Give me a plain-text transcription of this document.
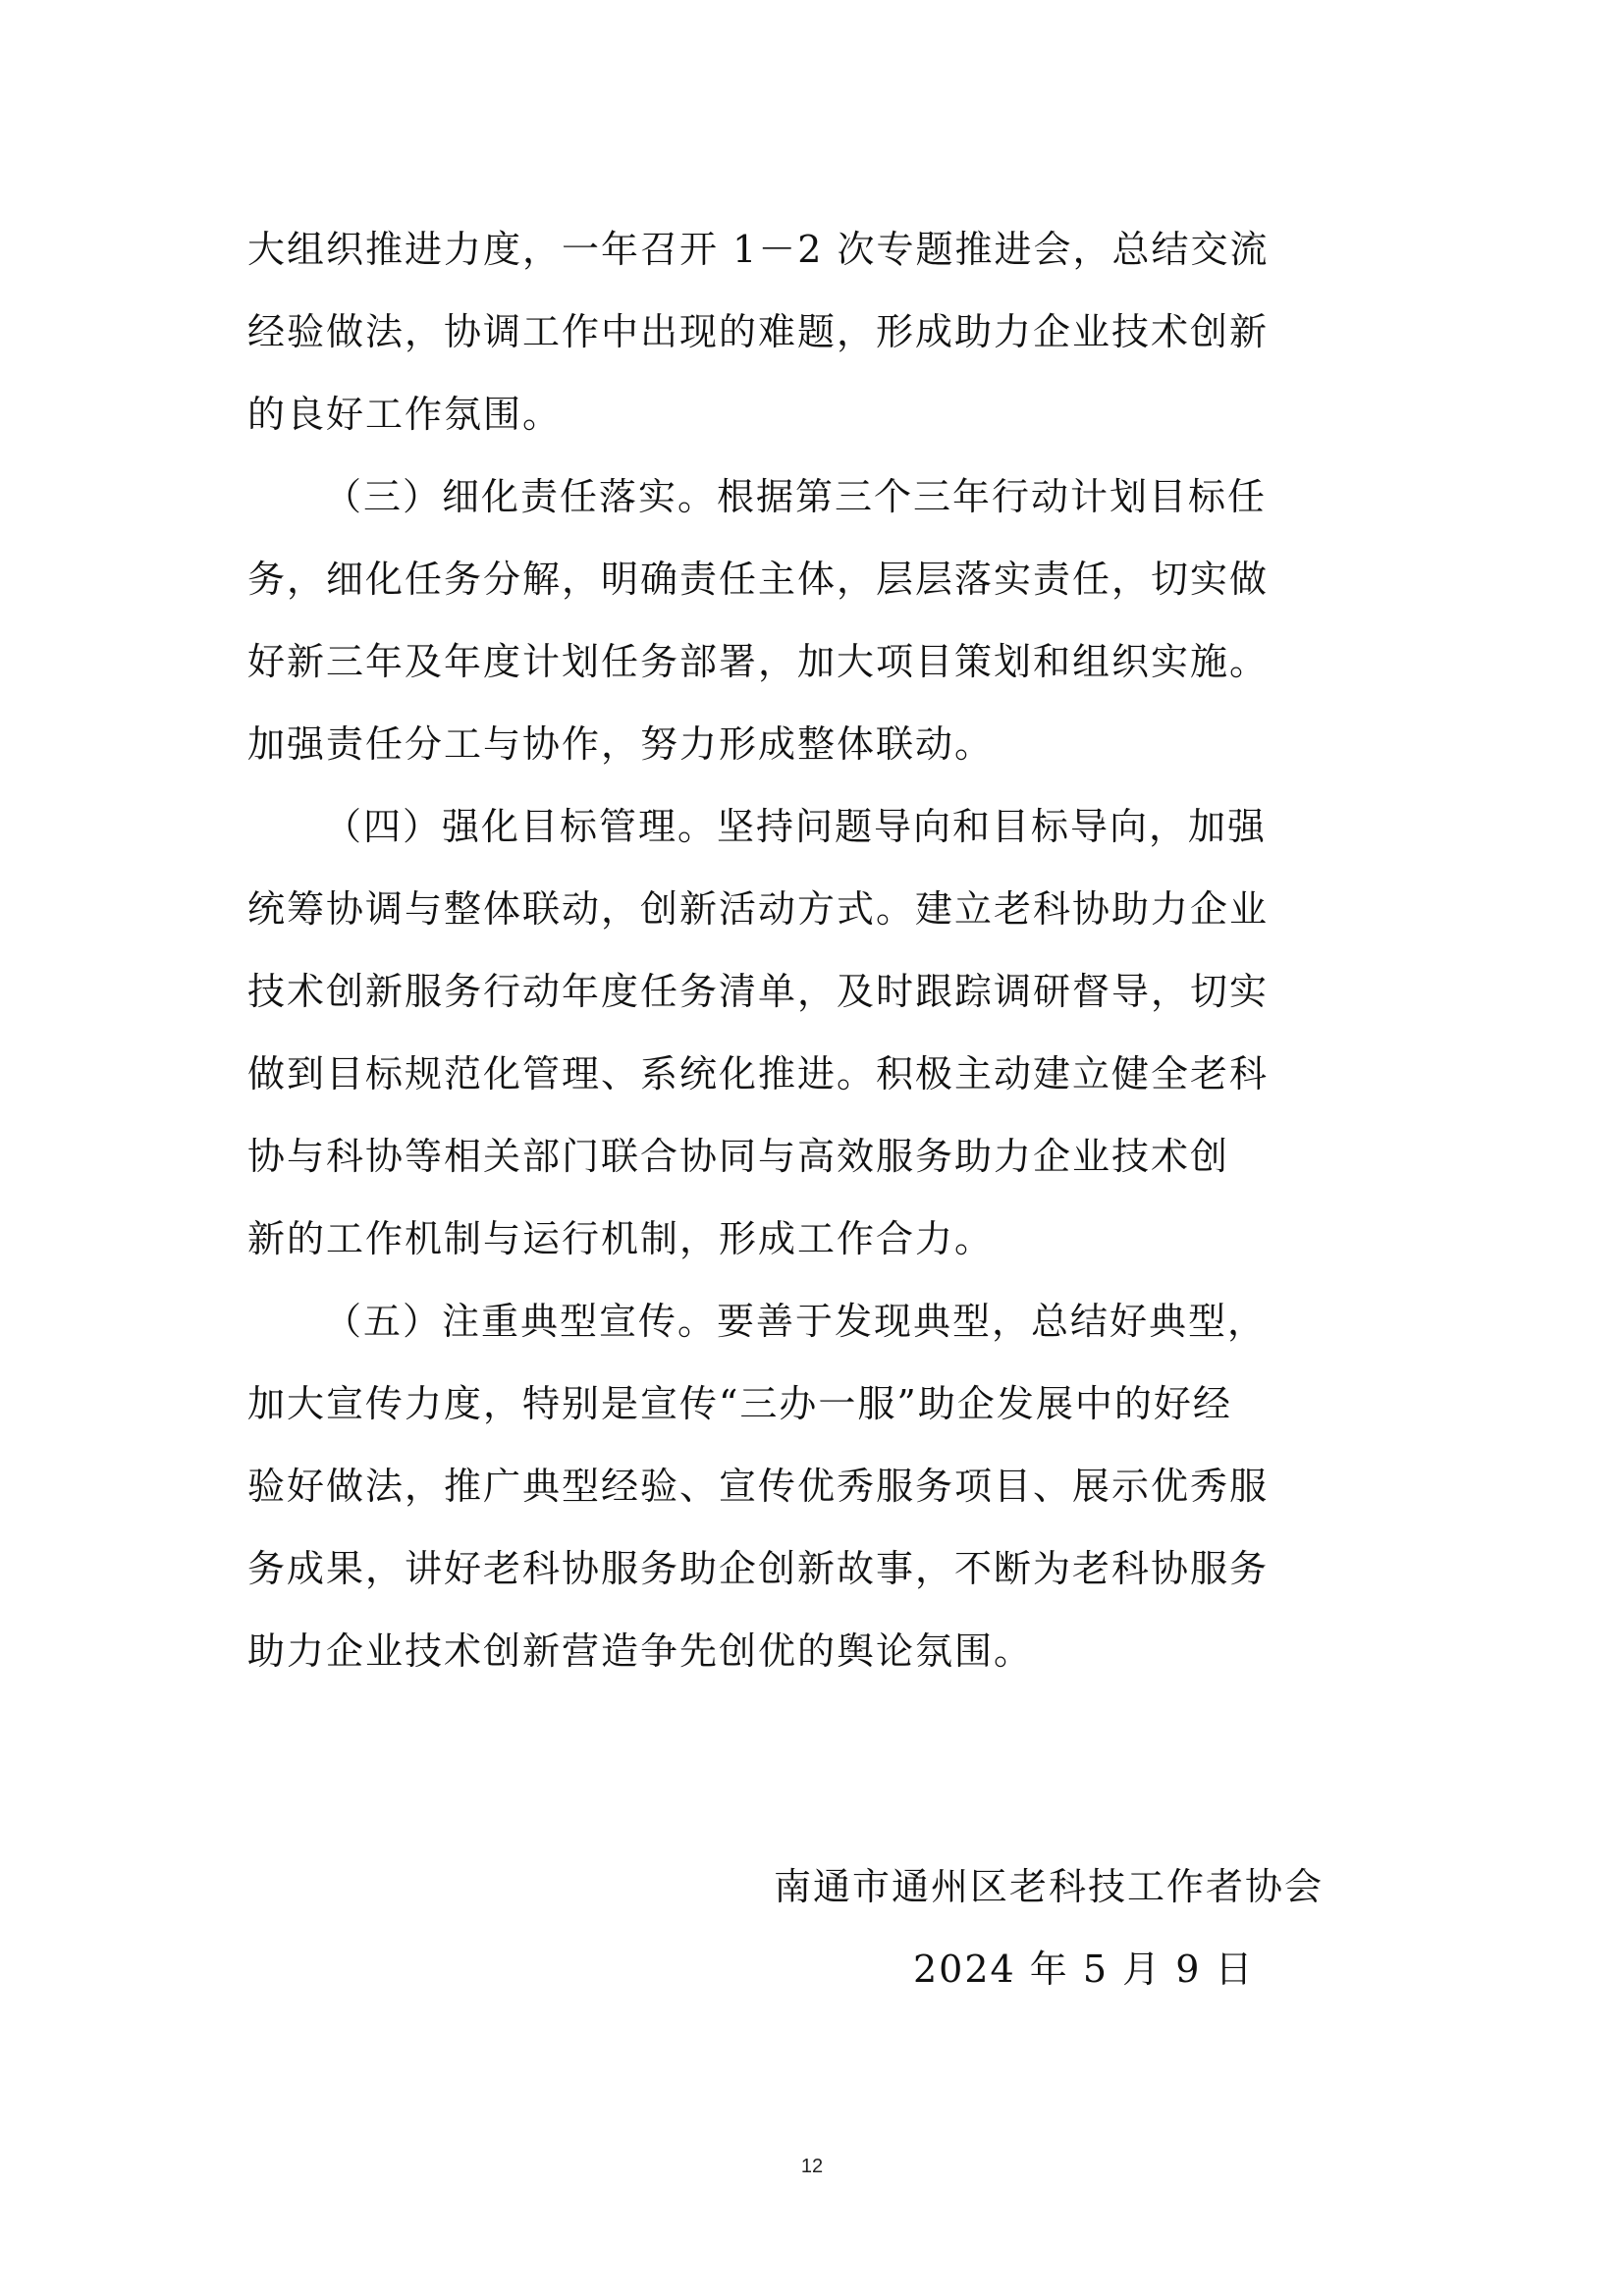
大组织推进力度，一年召开 1－2 次专题推进会，总结交流
经验做法，协调工作中出现的难题，形成助力企业技术创新
的良好工作氛围。
（三）细化责任落实。根据第三个三年行动计划目标任
务，细化任务分解，明确责任主体，层层落实责任，切实做
好新三年及年度计划任务部署，加大项目策划和组织实施。
加强责任分工与协作，努力形成整体联动。
（四）强化目标管理。坚持问题导向和目标导向，加强
统筹协调与整体联动，创新活动方式。建立老科协助力企业
技术创新服务行动年度任务清单，及时跟踪调研督导，切实
做到目标规范化管理、系统化推进。积极主动建立健全老科
协与科协等相关部门联合协同与高效服务助力企业技术创
新的工作机制与运行机制，形成工作合力。
（五）注重典型宣传。要善于发现典型，总结好典型，
加大宣传力度，特别是宣传“三办一服”助企发展中的好经
验好做法，推广典型经验、宣传优秀服务项目、展示优秀服
务成果，讲好老科协服务助企创新故事，不断为老科协服务
助力企业技术创新营造争先创优的舆论氛围。
南通市通州区老科技工作者协会
2024 年 5 月 9 日
12
